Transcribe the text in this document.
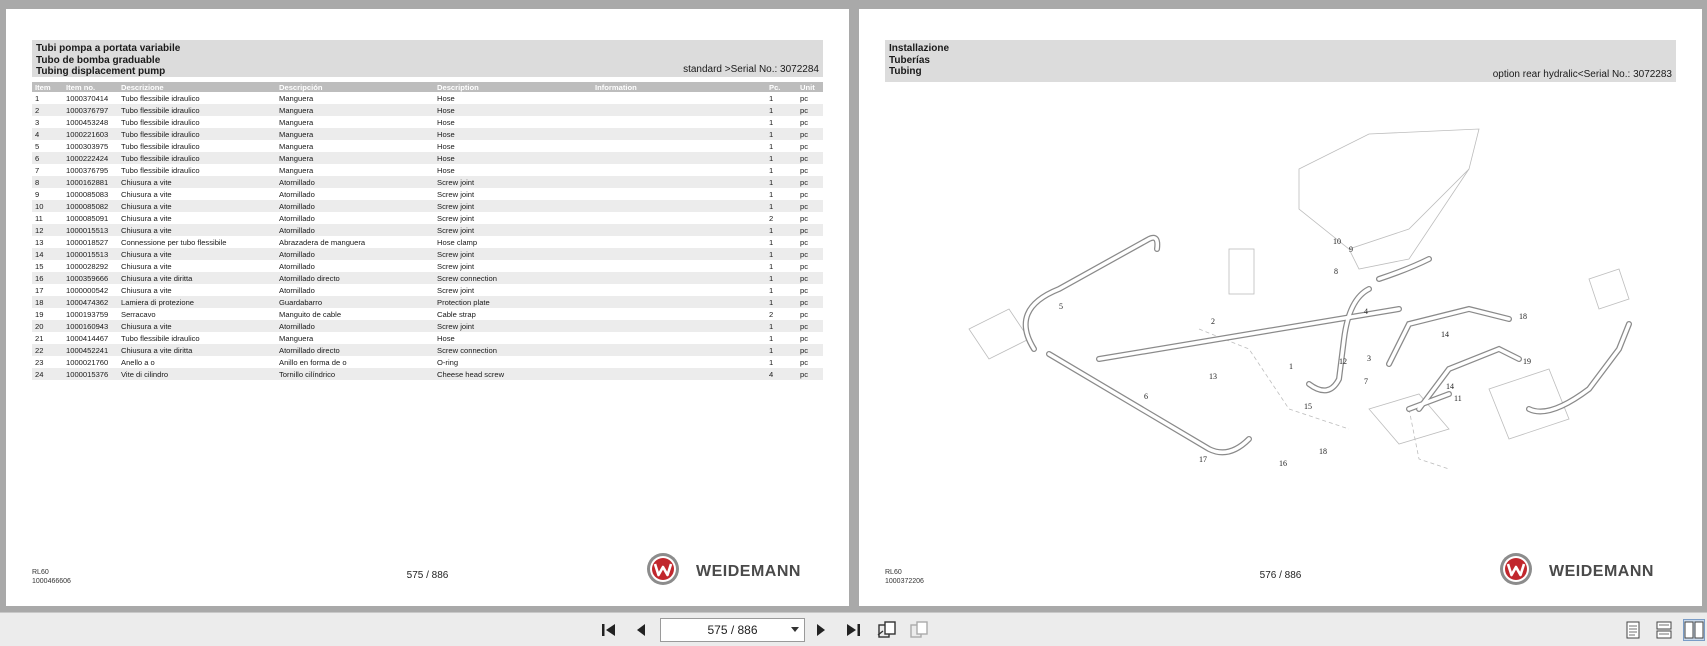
Tubi pompa a portata variabile
Tubo de bomba graduable
Tubing displacement pump	standard >Serial No.: 3072284
Item	Item no.	Descrizione	Descripción	Description	Information	Pc.	Unit
1	1000370414	Tubo flessibile idraulico	Manguera	Hose		1	pc
2	1000376797	Tubo flessibile idraulico	Manguera	Hose		1	pc
3	1000453248	Tubo flessibile idraulico	Manguera	Hose		1	pc
4	1000221603	Tubo flessibile idraulico	Manguera	Hose		1	pc
5	1000303975	Tubo flessibile idraulico	Manguera	Hose		1	pc
6	1000222424	Tubo flessibile idraulico	Manguera	Hose		1	pc
7	1000376795	Tubo flessibile idraulico	Manguera	Hose		1	pc
8	1000162881	Chiusura a vite	Atornillado	Screw joint		1	pc
9	1000085083	Chiusura a vite	Atornillado	Screw joint		1	pc
10	1000085082	Chiusura a vite	Atornillado	Screw joint		1	pc
11	1000085091	Chiusura a vite	Atornillado	Screw joint		2	pc
12	1000015513	Chiusura a vite	Atornillado	Screw joint		1	pc
13	1000018527	Connessione per tubo flessibile	Abrazadera de manguera	Hose clamp		1	pc
14	1000015513	Chiusura a vite	Atornillado	Screw joint		1	pc
15	1000028292	Chiusura a vite	Atornillado	Screw joint		1	pc
16	1000359666	Chiusura a vite diritta	Atornillado directo	Screw connection		1	pc
17	1000000542	Chiusura a vite	Atornillado	Screw joint		1	pc
18	1000474362	Lamiera di protezione	Guardabarro	Protection plate		1	pc
19	1000193759	Serracavo	Manguito de cable	Cable strap		2	pc
20	1000160943	Chiusura a vite	Atornillado	Screw joint		1	pc
21	1000414467	Tubo flessibile idraulico	Manguera	Hose		1	pc
22	1000452241	Chiusura a vite diritta	Atornillado directo	Screw connection		1	pc
23	1000021760	Anello a o	Anillo en forma de o	O-ring		1	pc
24	1000015376	Vite di cilindro	Tornillo cilíndrico	Cheese head screw		4	pc
RL60
1000466606
575 / 886	WEIDEMANN
Installazione
Tuberías
Tubing	option rear hydralic<Serial No.: 3072283
2
1
3
4
5
6
7
8
9
10
11
12
13
14
14
15
16
17
18
18
19
RL60
1000372206
576 / 886	WEIDEMANN
575 / 886
